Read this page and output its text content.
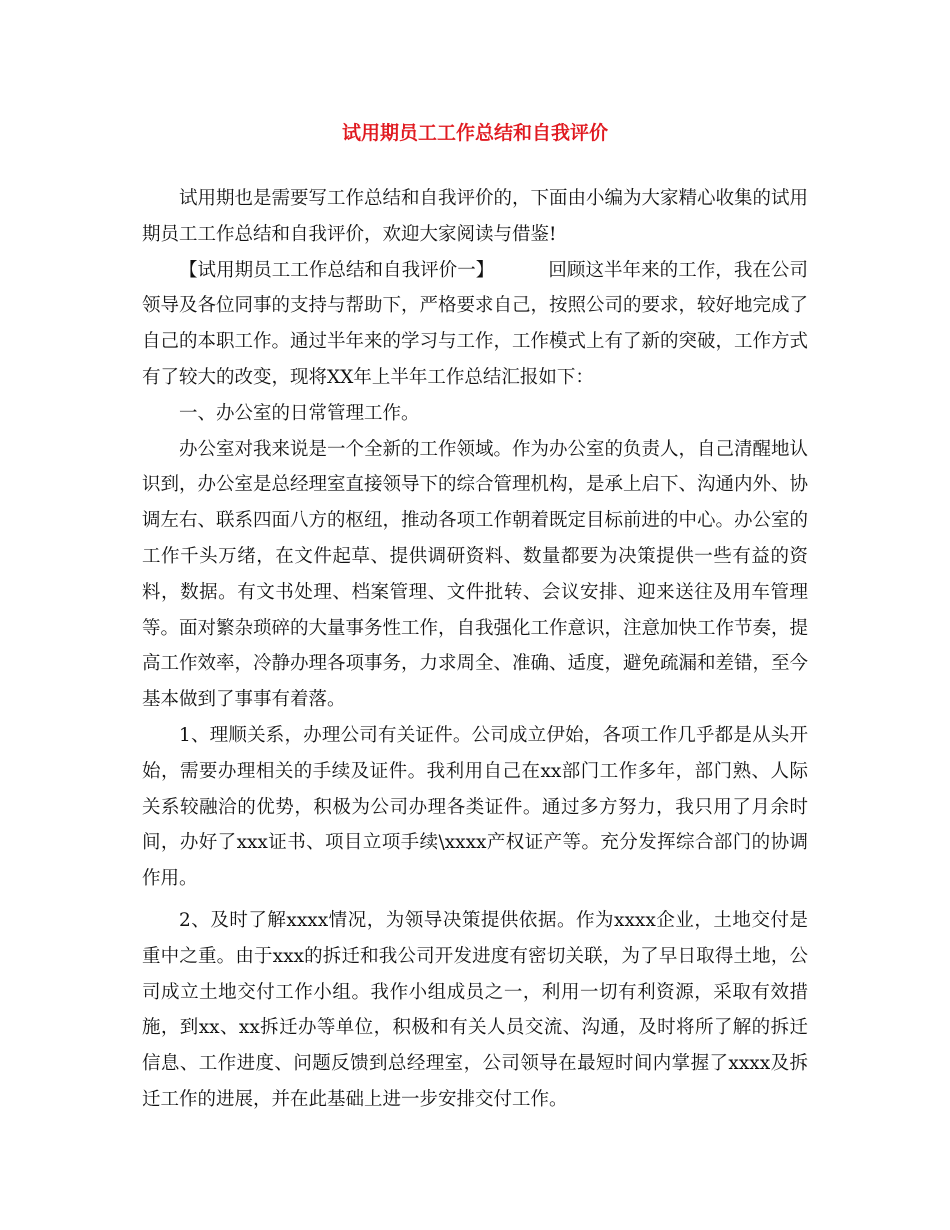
试用期员工工作总结和自我评价

试用期也是需要写工作总结和自我评价的，下面由小编为大家精心收集的试用期员工工作总结和自我评价，欢迎大家阅读与借鉴!

【试用期员工工作总结和自我评价一】	回顾这半年来的工作，我在公司领导及各位同事的支持与帮助下，严格要求自己，按照公司的要求，较好地完成了自己的本职工作。通过半年来的学习与工作，工作模式上有了新的突破，工作方式有了较大的改变，现将XX年上半年工作总结汇报如下：

一、办公室的日常管理工作。

办公室对我来说是一个全新的工作领域。作为办公室的负责人，自己清醒地认识到，办公室是总经理室直接领导下的综合管理机构，是承上启下、沟通内外、协调左右、联系四面八方的枢纽，推动各项工作朝着既定目标前进的中心。办公室的工作千头万绪，在文件起草、提供调研资料、数量都要为决策提供一些有益的资料，数据。有文书处理、档案管理、文件批转、会议安排、迎来送往及用车管理等。面对繁杂琐碎的大量事务性工作，自我强化工作意识，注意加快工作节奏，提高工作效率，冷静办理各项事务，力求周全、准确、适度，避免疏漏和差错，至今基本做到了事事有着落。

1、理顺关系，办理公司有关证件。公司成立伊始，各项工作几乎都是从头开始，需要办理相关的手续及证件。我利用自己在xx部门工作多年，部门熟、人际关系较融洽的优势，积极为公司办理各类证件。通过多方努力，我只用了月余时间，办好了xxx证书、项目立项手续\xxxx产权证产等。充分发挥综合部门的协调作用。

2、及时了解xxxx情况，为领导决策提供依据。作为xxxx企业，土地交付是重中之重。由于xxx的拆迁和我公司开发进度有密切关联，为了早日取得土地，公司成立土地交付工作小组。我作小组成员之一，利用一切有利资源，采取有效措施，到xx、xx拆迁办等单位，积极和有关人员交流、沟通，及时将所了解的拆迁信息、工作进度、问题反馈到总经理室，公司领导在最短时间内掌握了xxxx及拆迁工作的进展，并在此基础上进一步安排交付工作。
